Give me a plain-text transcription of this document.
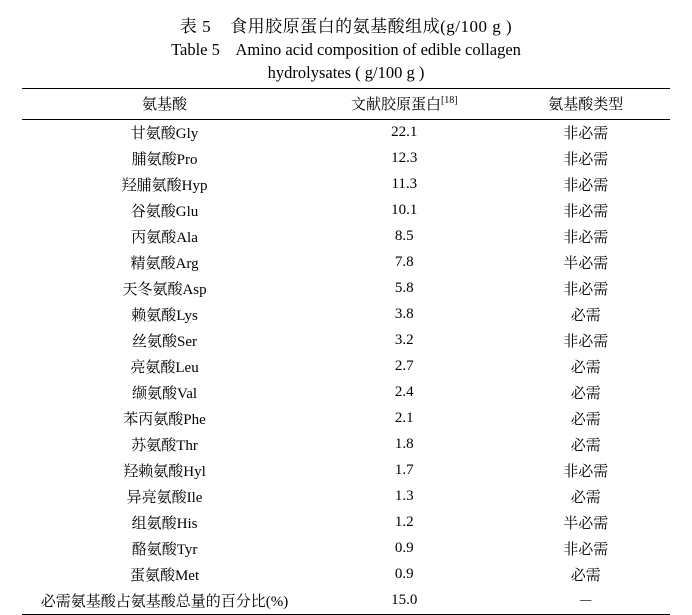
表 5    食用胶原蛋白的氨基酸组成(g/100 g )
Table 5    Amino acid composition of edible collagen
hydrolysates ( g/100 g )
氨基酸	文献胶原蛋白[18]	氨基酸类型
甘氨酸Gly	22.1	非必需
脯氨酸Pro	12.3	非必需
羟脯氨酸Hyp	11.3	非必需
谷氨酸Glu	10.1	非必需
丙氨酸Ala	8.5	非必需
精氨酸Arg	7.8	半必需
天冬氨酸Asp	5.8	非必需
赖氨酸Lys	3.8	必需
丝氨酸Ser	3.2	非必需
亮氨酸Leu	2.7	必需
缬氨酸Val	2.4	必需
苯丙氨酸Phe	2.1	必需
苏氨酸Thr	1.8	必需
羟赖氨酸Hyl	1.7	非必需
异亮氨酸Ile	1.3	必需
组氨酸His	1.2	半必需
酪氨酸Tyr	0.9	非必需
蛋氨酸Met	0.9	必需
必需氨基酸占氨基酸总量的百分比(%)	15.0	－
